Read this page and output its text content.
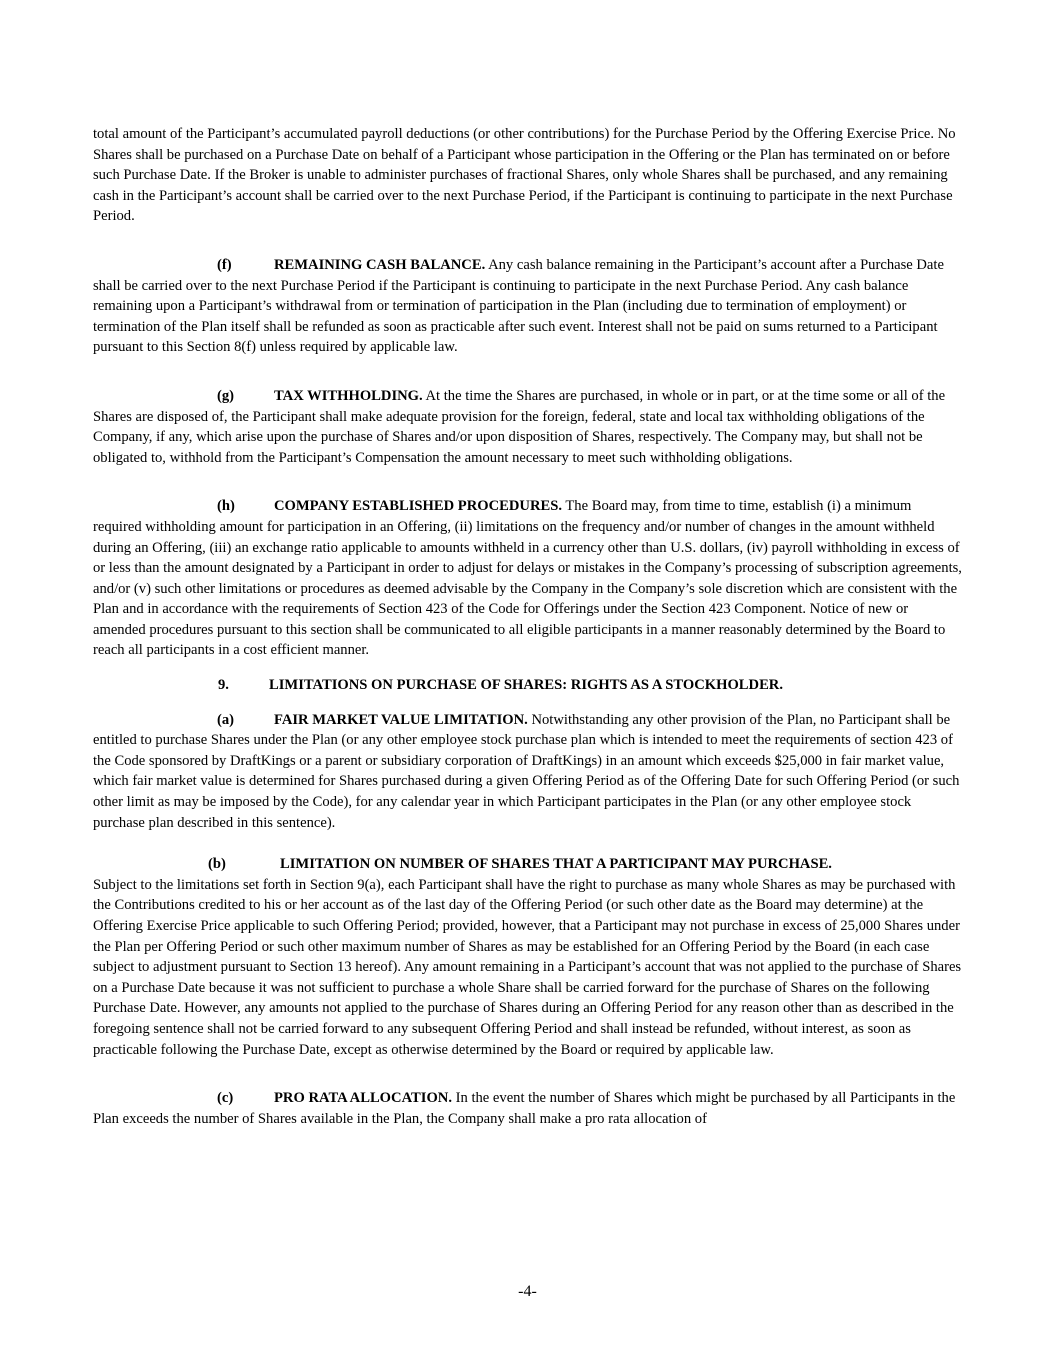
total amount of the Participant’s accumulated payroll deductions (or other contributions) for the Purchase Period by the Offering Exercise Price. No Shares shall be purchased on a Purchase Date on behalf of a Participant whose participation in the Offering or the Plan has terminated on or before such Purchase Date. If the Broker is unable to administer purchases of fractional Shares, only whole Shares shall be purchased, and any remaining cash in the Participant’s account shall be carried over to the next Purchase Period, if the Participant is continuing to participate in the next Purchase Period.

(f)	REMAINING CASH BALANCE. Any cash balance remaining in the Participant’s account after a Purchase Date shall be carried over to the next Purchase Period if the Participant is continuing to participate in the next Purchase Period. Any cash balance remaining upon a Participant’s withdrawal from or termination of participation in the Plan (including due to termination of employment) or termination of the Plan itself shall be refunded as soon as practicable after such event. Interest shall not be paid on sums returned to a Participant pursuant to this Section 8(f) unless required by applicable law.

(g)	TAX WITHHOLDING. At the time the Shares are purchased, in whole or in part, or at the time some or all of the Shares are disposed of, the Participant shall make adequate provision for the foreign, federal, state and local tax withholding obligations of the Company, if any, which arise upon the purchase of Shares and/or upon disposition of Shares, respectively. The Company may, but shall not be obligated to, withhold from the Participant’s Compensation the amount necessary to meet such withholding obligations.

(h)	COMPANY ESTABLISHED PROCEDURES. The Board may, from time to time, establish (i) a minimum required withholding amount for participation in an Offering, (ii) limitations on the frequency and/or number of changes in the amount withheld during an Offering, (iii) an exchange ratio applicable to amounts withheld in a currency other than U.S. dollars, (iv) payroll withholding in excess of or less than the amount designated by a Participant in order to adjust for delays or mistakes in the Company’s processing of subscription agreements, and/or (v) such other limitations or procedures as deemed advisable by the Company in the Company’s sole discretion which are consistent with the Plan and in accordance with the requirements of Section 423 of the Code for Offerings under the Section 423 Component. Notice of new or amended procedures pursuant to this section shall be communicated to all eligible participants in a manner reasonably determined by the Board to reach all participants in a cost efficient manner.

9.	LIMITATIONS ON PURCHASE OF SHARES: RIGHTS AS A STOCKHOLDER.

(a)	FAIR MARKET VALUE LIMITATION. Notwithstanding any other provision of the Plan, no Participant shall be entitled to purchase Shares under the Plan (or any other employee stock purchase plan which is intended to meet the requirements of section 423 of the Code sponsored by DraftKings or a parent or subsidiary corporation of DraftKings) in an amount which exceeds $25,000 in fair market value, which fair market value is determined for Shares purchased during a given Offering Period as of the Offering Date for such Offering Period (or such other limit as may be imposed by the Code), for any calendar year in which Participant participates in the Plan (or any other employee stock purchase plan described in this sentence).

(b)	LIMITATION ON NUMBER OF SHARES THAT A PARTICIPANT MAY PURCHASE.
Subject to the limitations set forth in Section 9(a), each Participant shall have the right to purchase as many whole Shares as may be purchased with the Contributions credited to his or her account as of the last day of the Offering Period (or such other date as the Board may determine) at the Offering Exercise Price applicable to such Offering Period; provided, however, that a Participant may not purchase in excess of 25,000 Shares under the Plan per Offering Period or such other maximum number of Shares as may be established for an Offering Period by the Board (in each case subject to adjustment pursuant to Section 13 hereof). Any amount remaining in a Participant’s account that was not applied to the purchase of Shares on a Purchase Date because it was not sufficient to purchase a whole Share shall be carried forward for the purchase of Shares on the following Purchase Date. However, any amounts not applied to the purchase of Shares during an Offering Period for any reason other than as described in the foregoing sentence shall not be carried forward to any subsequent Offering Period and shall instead be refunded, without interest, as soon as practicable following the Purchase Date, except as otherwise determined by the Board or required by applicable law.

(c)	PRO RATA ALLOCATION. In the event the number of Shares which might be purchased by all Participants in the Plan exceeds the number of Shares available in the Plan, the Company shall make a pro rata allocation of

-4-
